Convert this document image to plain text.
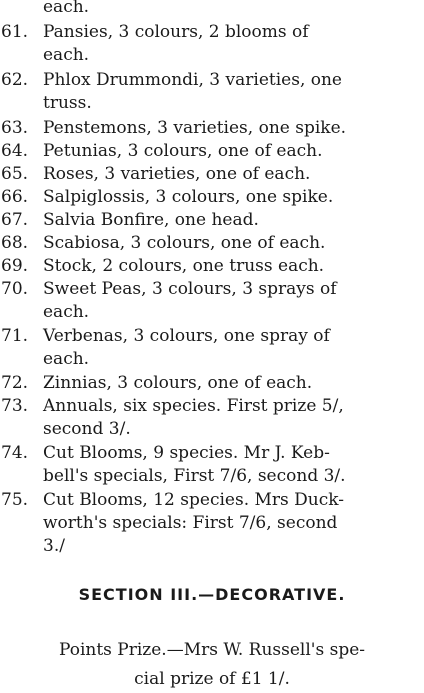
each.
61. Pansies, 3 colours, 2 blooms of
each.
62. Phlox Drummondi, 3 varieties, one
truss.
63. Penstemons, 3 varieties, one spike.
64. Petunias, 3 colours, one of each.
65. Roses, 3 varieties, one of each.
66. Salpiglossis, 3 colours, one spike.
67. Salvia Bonfire, one head.
68. Scabiosa, 3 colours, one of each.
69. Stock, 2 colours, one truss each.
70. Sweet Peas, 3 colours, 3 sprays of
each.
71. Verbenas, 3 colours, one spray of
each.
72. Zinnias, 3 colours, one of each.
73. Annuals, six species. First prize 5/,
second 3/.
74. Cut Blooms, 9 species. Mr J. Keb-
bell's specials, First 7/6, second 3/.
75. Cut Blooms, 12 species. Mrs Duck-
worth's specials: First 7/6, second
3./
SECTION III.—DECORATIVE.
Points Prize.—Mrs W. Russell's spe-
cial prize of £1 1/.
